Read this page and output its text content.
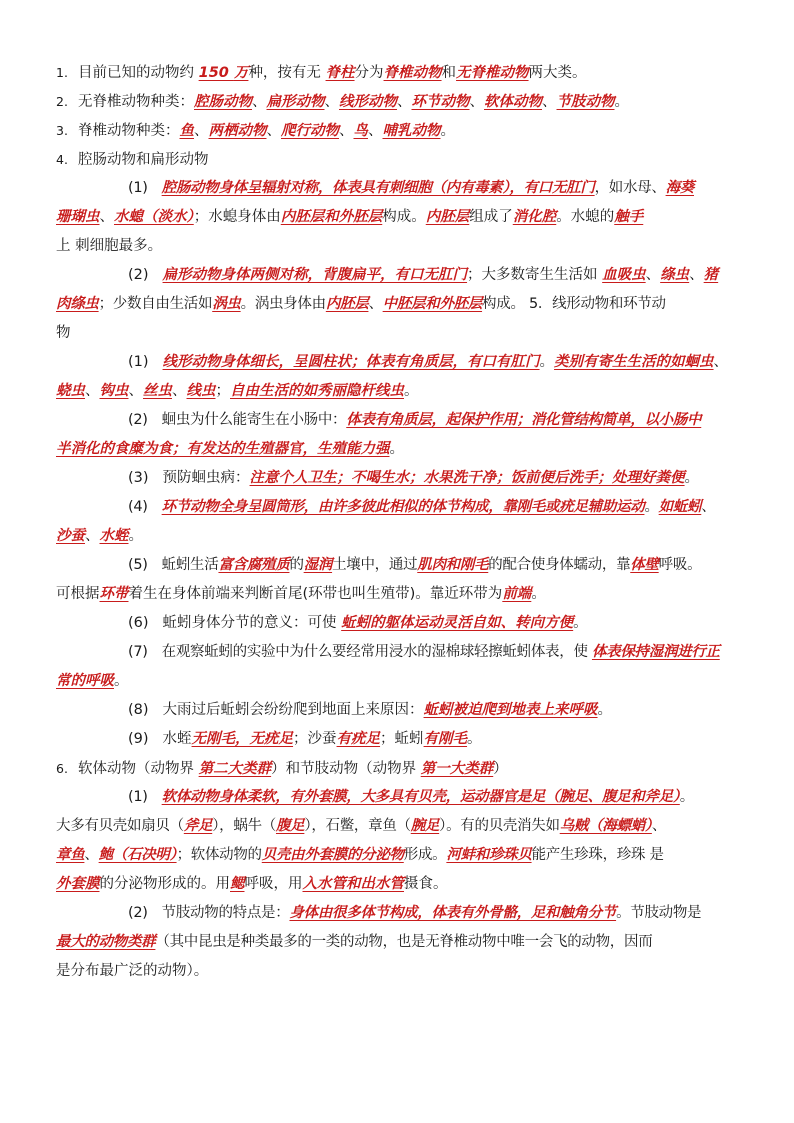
1. 目前已知的动物约 150 万种，按有无 脊柱分为脊椎动物和无脊椎动物两大类。
2. 无脊椎动物种类：腔肠动物、扁形动物、线形动物、环节动物、软体动物、节肢动物。
3. 脊椎动物种类：鱼、两栖动物、爬行动物、鸟、哺乳动物。
4. 腔肠动物和扁形动物
(1) 腔肠动物身体呈辐射对称，体表具有刺细胞（内有毒素），有口无肛门，如水母、海葵
珊瑚虫、水螅（淡水）；水螅身体由内胚层和外胚层构成。内胚层组成了消化腔。水螅的触手
上 刺细胞最多。
(2) 扁形动物身体两侧对称，背腹扁平，有口无肛门；大多数寄生生活如 血吸虫、绦虫、猪
肉绦虫；少数自由生活如涡虫。涡虫身体由内胚层、中胚层和外胚层构成。 5．线形动物和环节动
物
(1) 线形动物身体细长，呈圆柱状；体表有角质层，有口有肛门。类别有寄生生活的如蛔虫、
蛲虫、钩虫、丝虫、线虫；自由生活的如秀丽隐杆线虫。
(2) 蛔虫为什么能寄生在小肠中：体表有角质层，起保护作用；消化管结构简单，以小肠中
半消化的食糜为食；有发达的生殖器官，生殖能力强。
(3) 预防蛔虫病：注意个人卫生；不喝生水；水果洗干净；饭前便后洗手；处理好粪便。
(4) 环节动物全身呈圆筒形，由许多彼此相似的体节构成，靠刚毛或疣足辅助运动。如蚯蚓、
沙蚕、水蛭。
(5) 蚯蚓生活富含腐殖质的湿润土壤中，通过肌肉和刚毛的配合使身体蠕动，靠体壁呼吸。
可根据环带着生在身体前端来判断首尾(环带也叫生殖带)。靠近环带为前端。
(6) 蚯蚓身体分节的意义：可使 蚯蚓的躯体运动灵活自如、转向方便。
(7) 在观察蚯蚓的实验中为什么要经常用浸水的湿棉球轻擦蚯蚓体表，使 体表保持湿润进行正
常的呼吸。
(8) 大雨过后蚯蚓会纷纷爬到地面上来原因：蚯蚓被迫爬到地表上来呼吸。
(9) 水蛭无刚毛，无疣足；沙蚕有疣足；蚯蚓有刚毛。
6. 软体动物（动物界 第二大类群）和节肢动物（动物界 第一大类群）
(1) 软体动物身体柔软，有外套膜，大多具有贝壳，运动器官是足（腕足、腹足和斧足）。
大多有贝壳如扇贝（斧足），蜗牛（腹足），石鳖，章鱼（腕足）。有的贝壳消失如乌贼（海螵蛸）、
章鱼、鲍（石决明）；软体动物的贝壳由外套膜的分泌物形成。河蚌和珍珠贝能产生珍珠，珍珠 是
外套膜的分泌物形成的。用鳃呼吸，用入水管和出水管摄食。
(2) 节肢动物的特点是：身体由很多体节构成，体表有外骨骼，足和触角分节。节肢动物是
最大的动物类群（其中昆虫是种类最多的一类的动物，也是无脊椎动物中唯一会飞的动物，因而
是分布最广泛的动物）。
